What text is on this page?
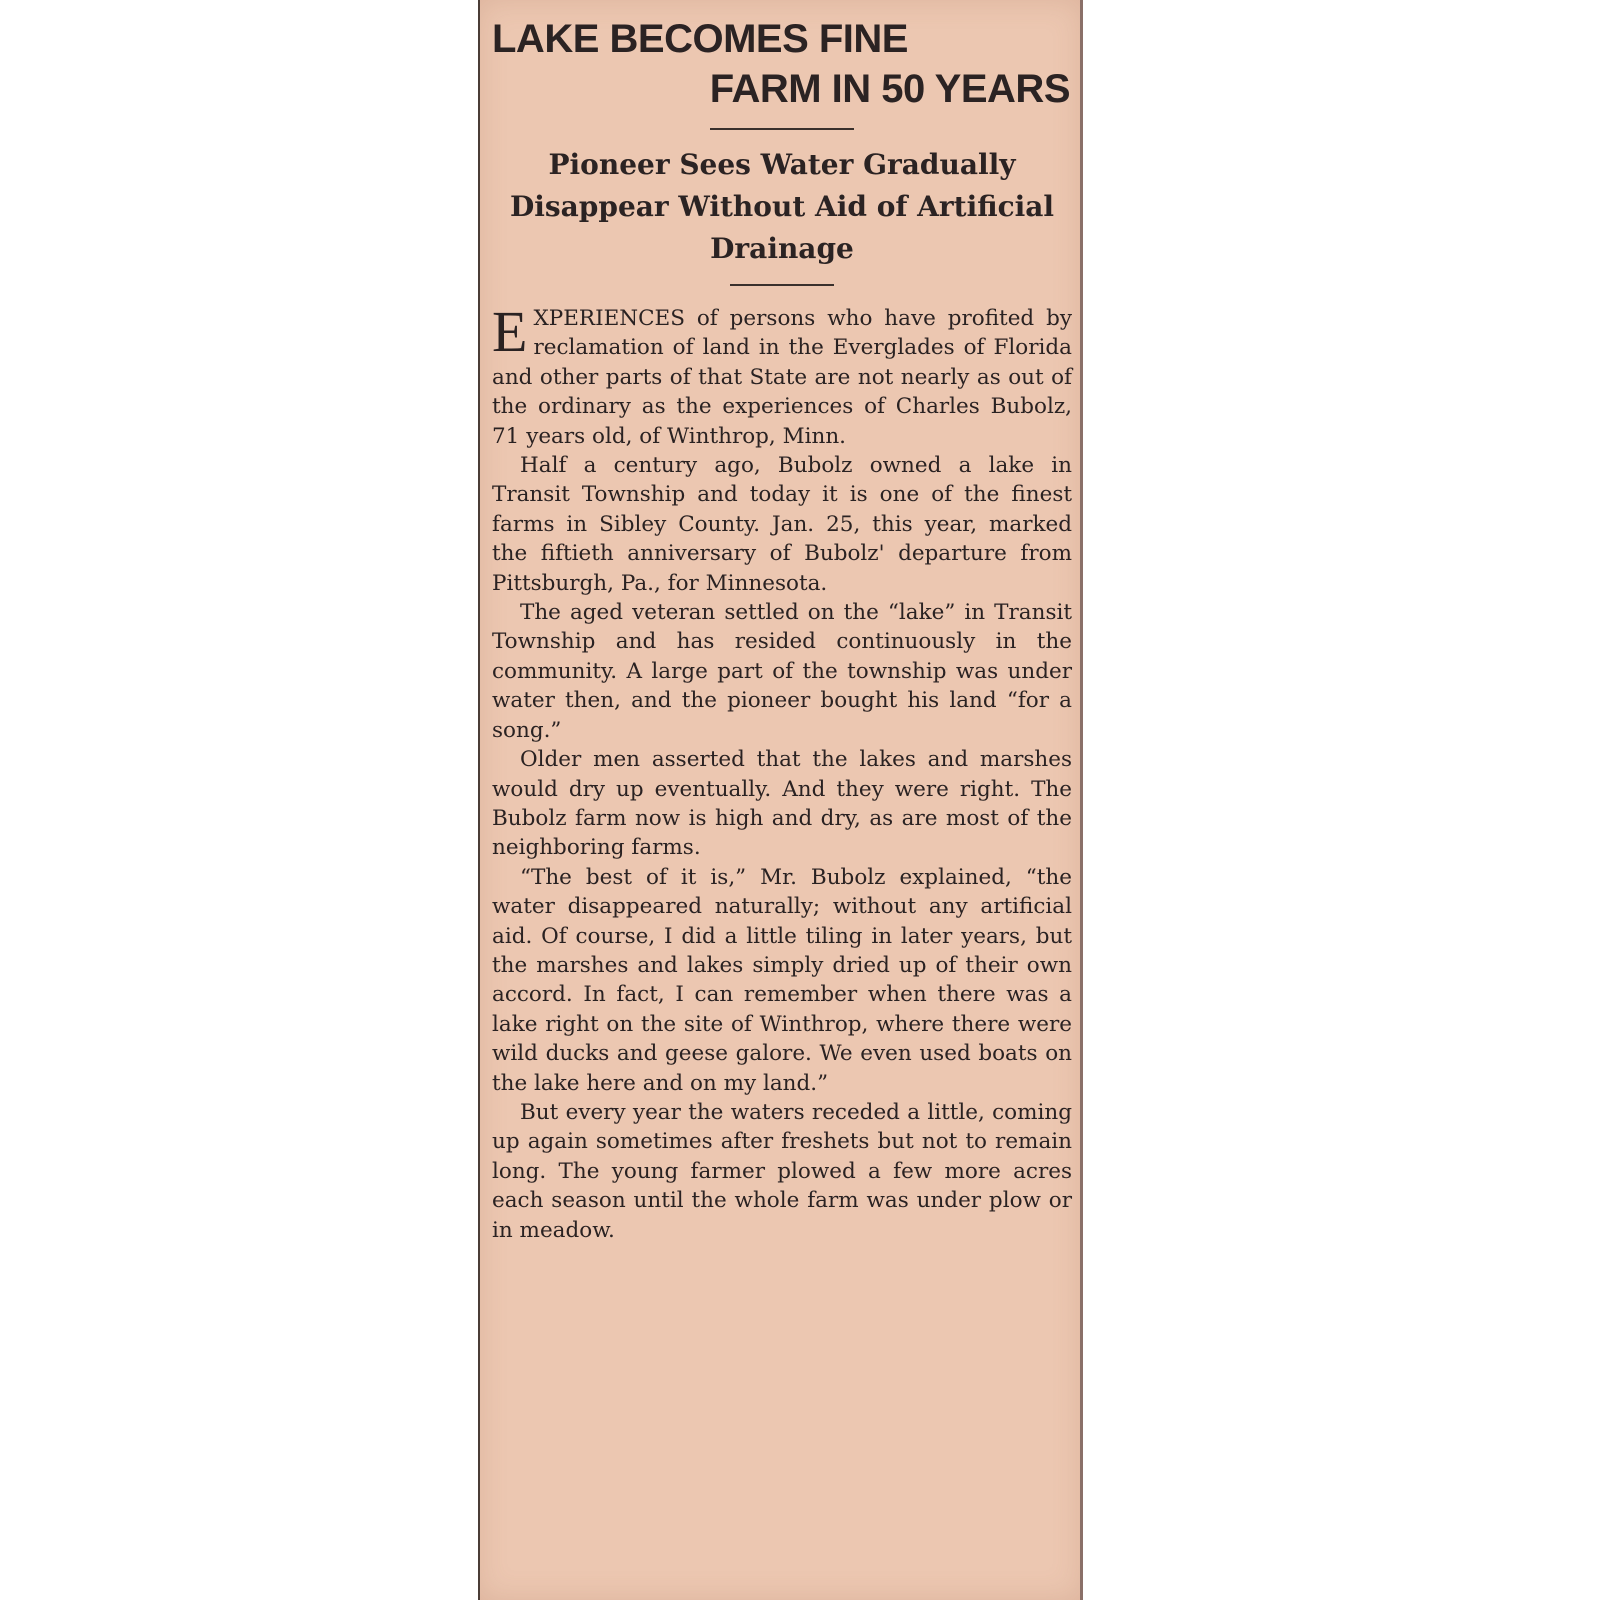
LAKE BECOMES FINE
FARM IN 50 YEARS
Pioneer Sees Water Gradually Disappear Without Aid of Artificial Drainage

EXPERIENCES of persons who have profited by reclamation of land in the Everglades of Florida and other parts of that State are not nearly as out of the ordinary as the experiences of Charles Bubolz, 71 years old, of Winthrop, Minn.

Half a century ago, Bubolz owned a lake in Transit Township and today it is one of the finest farms in Sibley County. Jan. 25, this year, marked the fiftieth anniversary of Bubolz' departure from Pittsburgh, Pa., for Minnesota.

The aged veteran settled on the “lake” in Transit Township and has resided continuously in the community. A large part of the township was under water then, and the pioneer bought his land “for a song.”

Older men asserted that the lakes and marshes would dry up eventually. And they were right. The Bubolz farm now is high and dry, as are most of the neighboring farms.

“The best of it is,” Mr. Bubolz explained, “the water disappeared naturally; without any artificial aid. Of course, I did a little tiling in later years, but the marshes and lakes simply dried up of their own accord. In fact, I can remember when there was a lake right on the site of Winthrop, where there were wild ducks and geese galore. We even used boats on the lake here and on my land.”

But every year the waters receded a little, coming up again sometimes after freshets but not to remain long. The young farmer plowed a few more acres each season until the whole farm was under plow or in meadow.
